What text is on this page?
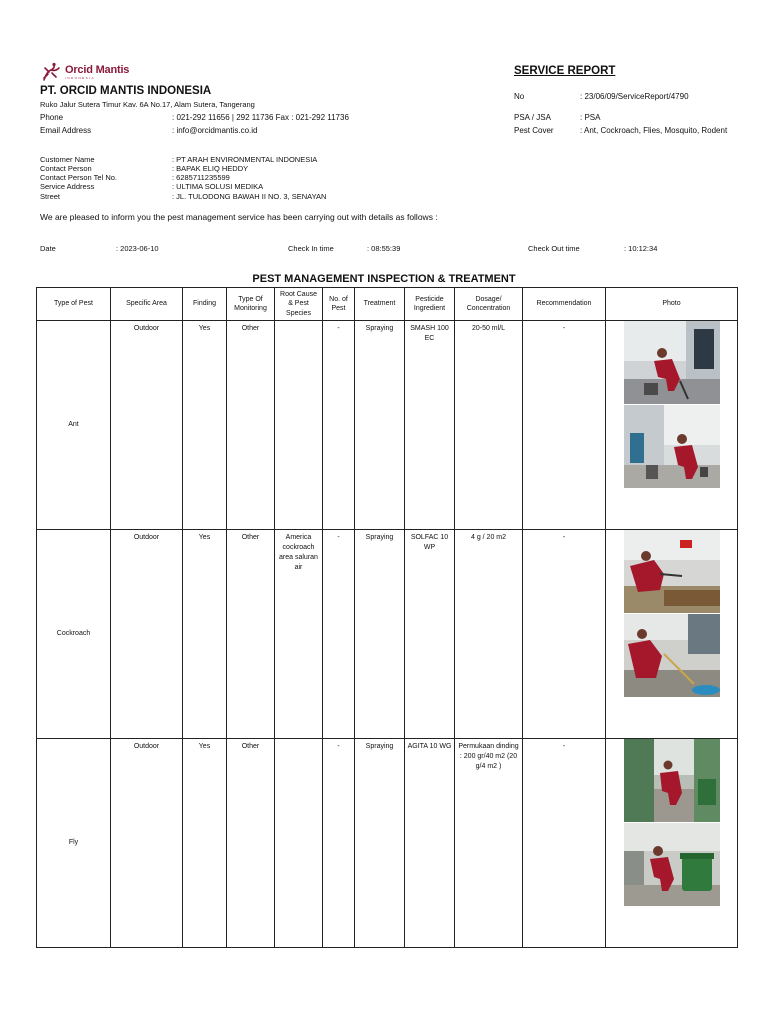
Orcid Mantis
INDONESIA
PT. ORCID MANTIS INDONESIA
Ruko Jalur Sutera Timur Kav. 6A No.17, Alam Sutera, Tangerang
Phone	: 021-292 11656 | 292 11736 Fax : 021-292 11736
Email Address	: info@orcidmantis.co.id
SERVICE REPORT
No	: 23/06/09/ServiceReport/4790
PSA / JSA	: PSA
Pest Cover	: Ant, Cockroach, Flies, Mosquito, Rodent
Customer Name	: PT ARAH ENVIRONMENTAL INDONESIA
Contact Person	: BAPAK ELIQ HEDDY
Contact Person Tel No.	: 6285711235599
Service Address	: ULTIMA SOLUSI MEDIKA
Street	: JL. TULODONG BAWAH II NO. 3, SENAYAN
We are pleased to inform you the pest management service has been carrying out with details as follows :
Date	: 2023-06-10	Check In time	: 08:55:39	Check Out time	: 10:12:34
PEST MANAGEMENT INSPECTION & TREATMENT
Type of Pest	Specific Area	Finding	Type Of Monitoring	Root Cause & Pest Species	No. of Pest	Treatment	Pesticide Ingredient	Dosage/ Concentration	Recommendation	Photo
Ant	Outdoor	Yes	Other		-	Spraying	SMASH 100 EC	20-50 ml/L	-	

Cockroach	Outdoor	Yes	Other	America cockroach area saluran air	-	Spraying	SOLFAC 10 WP	4 g / 20 m2	-	

Fly	Outdoor	Yes	Other		-	Spraying	AGITA 10 WG	Permukaan dinding : 200 gr/40 m2 (20 g/4 m2 )	-	
